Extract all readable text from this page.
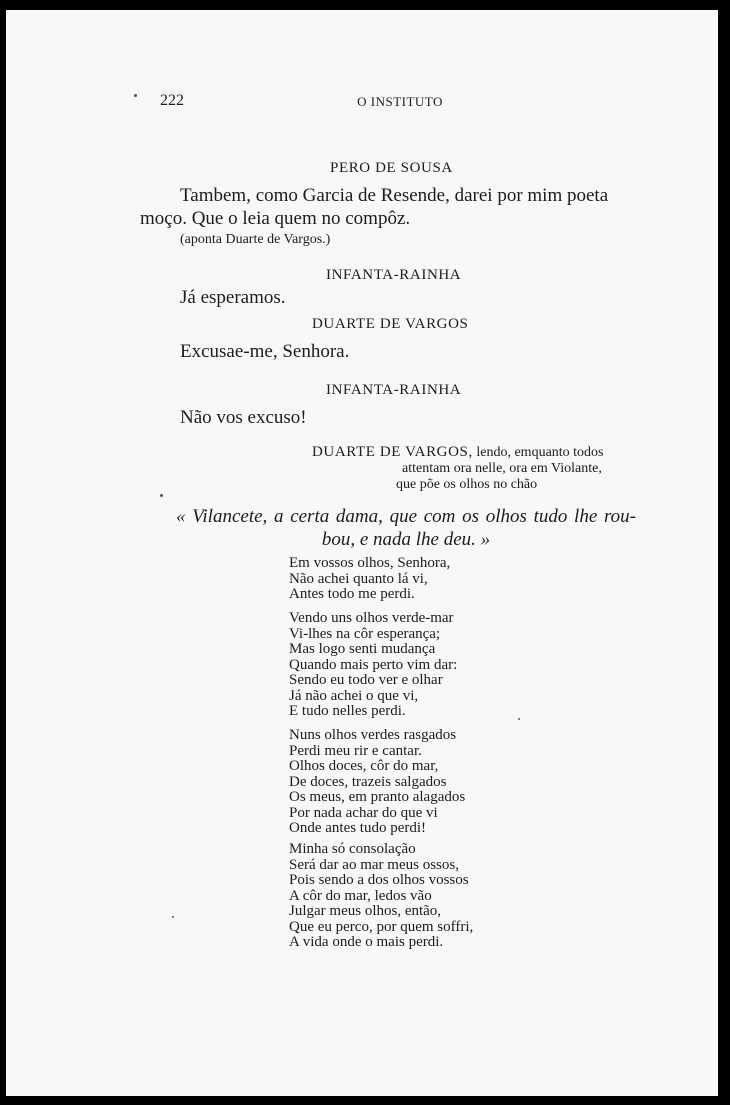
222	O INSTITUTO
PERO DE SOUSA
Tambem, como Garcia de Resende, darei por mim poeta
moço. Que o leia quem no compôz.
(aponta Duarte de Vargos.)
INFANTA-RAINHA
Já esperamos.
DUARTE DE VARGOS
Excusae-me, Senhora.
INFANTA-RAINHA
Não vos excuso!
DUARTE DE VARGOS, lendo, emquanto todos
attentam ora nelle, ora em Violante,
que põe os olhos no chão
« Vilancete, a certa dama, que com os olhos tudo lhe rou-
bou, e nada lhe deu. »
Em vossos olhos, Senhora,
Não achei quanto lá vi,
Antes todo me perdi.
Vendo uns olhos verde-mar
Vi-lhes na côr esperança;
Mas logo senti mudança
Quando mais perto vim dar:
Sendo eu todo ver e olhar
Já não achei o que vi,
E tudo nelles perdi.
Nuns olhos verdes rasgados
Perdi meu rir e cantar.
Olhos doces, côr do mar,
De doces, trazeis salgados
Os meus, em pranto alagados
Por nada achar do que vi
Onde antes tudo perdi!
Minha só consolação
Será dar ao mar meus ossos,
Pois sendo a dos olhos vossos
A côr do mar, ledos vão
Julgar meus olhos, então,
Que eu perco, por quem soffri,
A vida onde o mais perdi.
